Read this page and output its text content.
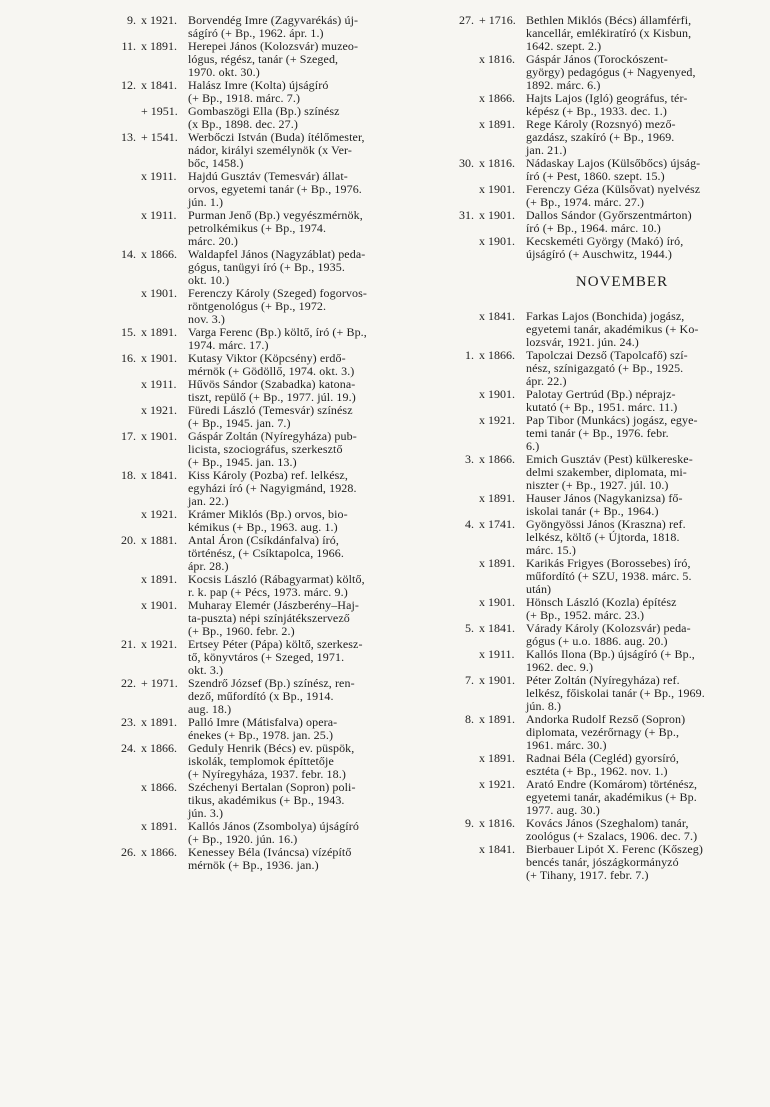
9. x 1921. Borvendég Imre (Zagyvarékás) új-
ságíró (+ Bp., 1962. ápr. 1.)
11. x 1891. Herepei János (Kolozsvár) muzeo-
lógus, régész, tanár (+ Szeged,
1970. okt. 30.)
12. x 1841. Halász Imre (Kolta) újságíró
(+ Bp., 1918. márc. 7.)
+ 1951. Gombaszögi Ella (Bp.) színész
(x Bp., 1898. dec. 27.)
13. + 1541. Werbőczi István (Buda) ítélőmester,
nádor, királyi személynök (x Ver-
bőc, 1458.)
x 1911. Hajdú Gusztáv (Temesvár) állat-
orvos, egyetemi tanár (+ Bp., 1976.
jún. 1.)
x 1911. Purman Jenő (Bp.) vegyészmérnök,
petrolkémikus (+ Bp., 1974.
márc. 20.)
14. x 1866. Waldapfel János (Nagyzáblat) peda-
gógus, tanügyi író (+ Bp., 1935.
okt. 10.)
x 1901. Ferenczy Károly (Szeged) fogorvos-
röntgenológus (+ Bp., 1972.
nov. 3.)
15. x 1891. Varga Ferenc (Bp.) költő, író (+ Bp.,
1974. márc. 17.)
16. x 1901. Kutasy Viktor (Köpcsény) erdő-
mérnök (+ Gödöllő, 1974. okt. 3.)
x 1911. Hűvös Sándor (Szabadka) katona-
tiszt, repülő (+ Bp., 1977. júl. 19.)
x 1921. Füredi László (Temesvár) színész
(+ Bp., 1945. jan. 7.)
17. x 1901. Gáspár Zoltán (Nyíregyháza) pub-
licista, szociográfus, szerkesztő
(+ Bp., 1945. jan. 13.)
18. x 1841. Kiss Károly (Pozba) ref. lelkész,
egyházi író (+ Nagyigmánd, 1928.
jan. 22.)
x 1921. Krámer Miklós (Bp.) orvos, bio-
kémikus (+ Bp., 1963. aug. 1.)
20. x 1881. Antal Áron (Csíkdánfalva) író,
történész, (+ Csíktapolca, 1966.
ápr. 28.)
x 1891. Kocsis László (Rábagyarmat) költő,
r. k. pap (+ Pécs, 1973. márc. 9.)
x 1901. Muharay Elemér (Jászberény–Haj-
ta-puszta) népi színjátékszervező
(+ Bp., 1960. febr. 2.)
21. x 1921. Ertsey Péter (Pápa) költő, szerkesz-
tő, könyvtáros (+ Szeged, 1971.
okt. 3.)
22. + 1971. Szendrő József (Bp.) színész, ren-
dező, műfordító (x Bp., 1914.
aug. 18.)
23. x 1891. Palló Imre (Mátisfalva) operа-
énekes (+ Bp., 1978. jan. 25.)
24. x 1866. Geduly Henrik (Bécs) ev. püspök,
iskolák, templomok építtetője
(+ Nyíregyháza, 1937. febr. 18.)
x 1866. Széchenyi Bertalan (Sopron) poli-
tikus, akadémikus (+ Bp., 1943.
jún. 3.)
x 1891. Kallós János (Zsombolya) újságíró
(+ Bp., 1920. jún. 16.)
26. x 1866. Kenessey Béla (Iváncsa) vízépítő
mérnök (+ Bp., 1936. jan.)
27. + 1716. Bethlen Miklós (Bécs) államférfi,
kancellár, emlékiratíró (x Kisbun,
1642. szept. 2.)
x 1816. Gáspár János (Torockószent-
györgy) pedagógus (+ Nagyenyed,
1892. márc. 6.)
x 1866. Hajts Lajos (Igló) geográfus, tér-
képész (+ Bp., 1933. dec. 1.)
x 1891. Rege Károly (Rozsnyó) mező-
gazdász, szakíró (+ Bp., 1969.
jan. 21.)
30. x 1816. Nádaskay Lajos (Külsőbőcs) újság-
író (+ Pest, 1860. szept. 15.)
x 1901. Ferenczy Géza (Külsővat) nyelvész
(+ Bp., 1974. márc. 27.)
31. x 1901. Dallos Sándor (Győrszentmárton)
író (+ Bp., 1964. márc. 10.)
x 1901. Kecskeméti György (Makó) író,
újságíró (+ Auschwitz, 1944.)
NOVEMBER
x 1841. Farkas Lajos (Bonchida) jogász,
egyetemi tanár, akadémikus (+ Ko-
lozsvár, 1921. jún. 24.)
1. x 1866. Tapolczai Dezső (Tapolcafő) szí-
nész, színigazgató (+ Bp., 1925.
ápr. 22.)
x 1901. Palotay Gertrúd (Bp.) néprajz-
kutató (+ Bp., 1951. márc. 11.)
x 1921. Pap Tibor (Munkács) jogász, egye-
temi tanár (+ Bp., 1976. febr.
6.)
3. x 1866. Emich Gusztáv (Pest) külkereske-
delmi szakember, diplomata, mi-
niszter (+ Bp., 1927. júl. 10.)
x 1891. Hauser János (Nagykanizsa) fő-
iskolai tanár (+ Bp., 1964.)
4. x 1741. Gyöngyössi János (Kraszna) ref.
lelkész, költő (+ Újtorda, 1818.
márc. 15.)
x 1891. Karikás Frigyes (Borossebes) író,
műfordító (+ SZU, 1938. márc. 5.
után)
x 1901. Hönsch László (Kozla) építész
(+ Bp., 1952. márc. 23.)
5. x 1841. Várady Károly (Kolozsvár) peda-
gógus (+ u.o. 1886. aug. 20.)
x 1911. Kallós Ilona (Bp.) újságíró (+ Bp.,
1962. dec. 9.)
7. x 1901. Péter Zoltán (Nyíregyháza) ref.
lelkész, főiskolai tanár (+ Bp., 1969.
jún. 8.)
8. x 1891. Andorka Rudolf Rezső (Sopron)
diplomata, vezérőrnagy (+ Bp.,
1961. márc. 30.)
x 1891. Radnai Béla (Cegléd) gyorsíró,
esztéta (+ Bp., 1962. nov. 1.)
x 1921. Arató Endre (Komárom) történész,
egyetemi tanár, akadémikus (+ Bp.
1977. aug. 30.)
9. x 1816. Kovács János (Szeghalom) tanár,
zoológus (+ Szalacs, 1906. dec. 7.)
x 1841. Bierbauer Lipót X. Ferenc (Kőszeg)
bencés tanár, jószágkormányzó
(+ Tihany, 1917. febr. 7.)
